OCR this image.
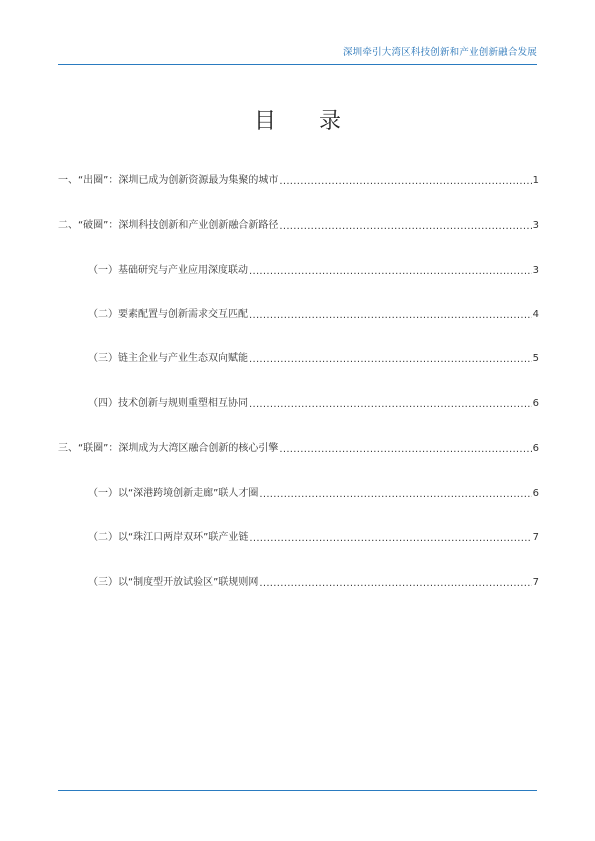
深圳牵引大湾区科技创新和产业创新融合发展
目 录
一、“出圈”：深圳已成为创新资源最为集聚的城市 .....	1
二、“破圈”：深圳科技创新和产业创新融合新路径 .....	3
（一）基础研究与产业应用深度联动 .....	3
（二）要素配置与创新需求交互匹配 .....	4
（三）链主企业与产业生态双向赋能 .....	5
（四）技术创新与规则重塑相互协同 .....	6
三、“联圈”：深圳成为大湾区融合创新的核心引擎 .....	6
（一）以“深港跨境创新走廊”联人才圈 .....	6
（二）以“珠江口两岸双环”联产业链 .....	7
（三）以“制度型开放试验区”联规则网 .....	7
